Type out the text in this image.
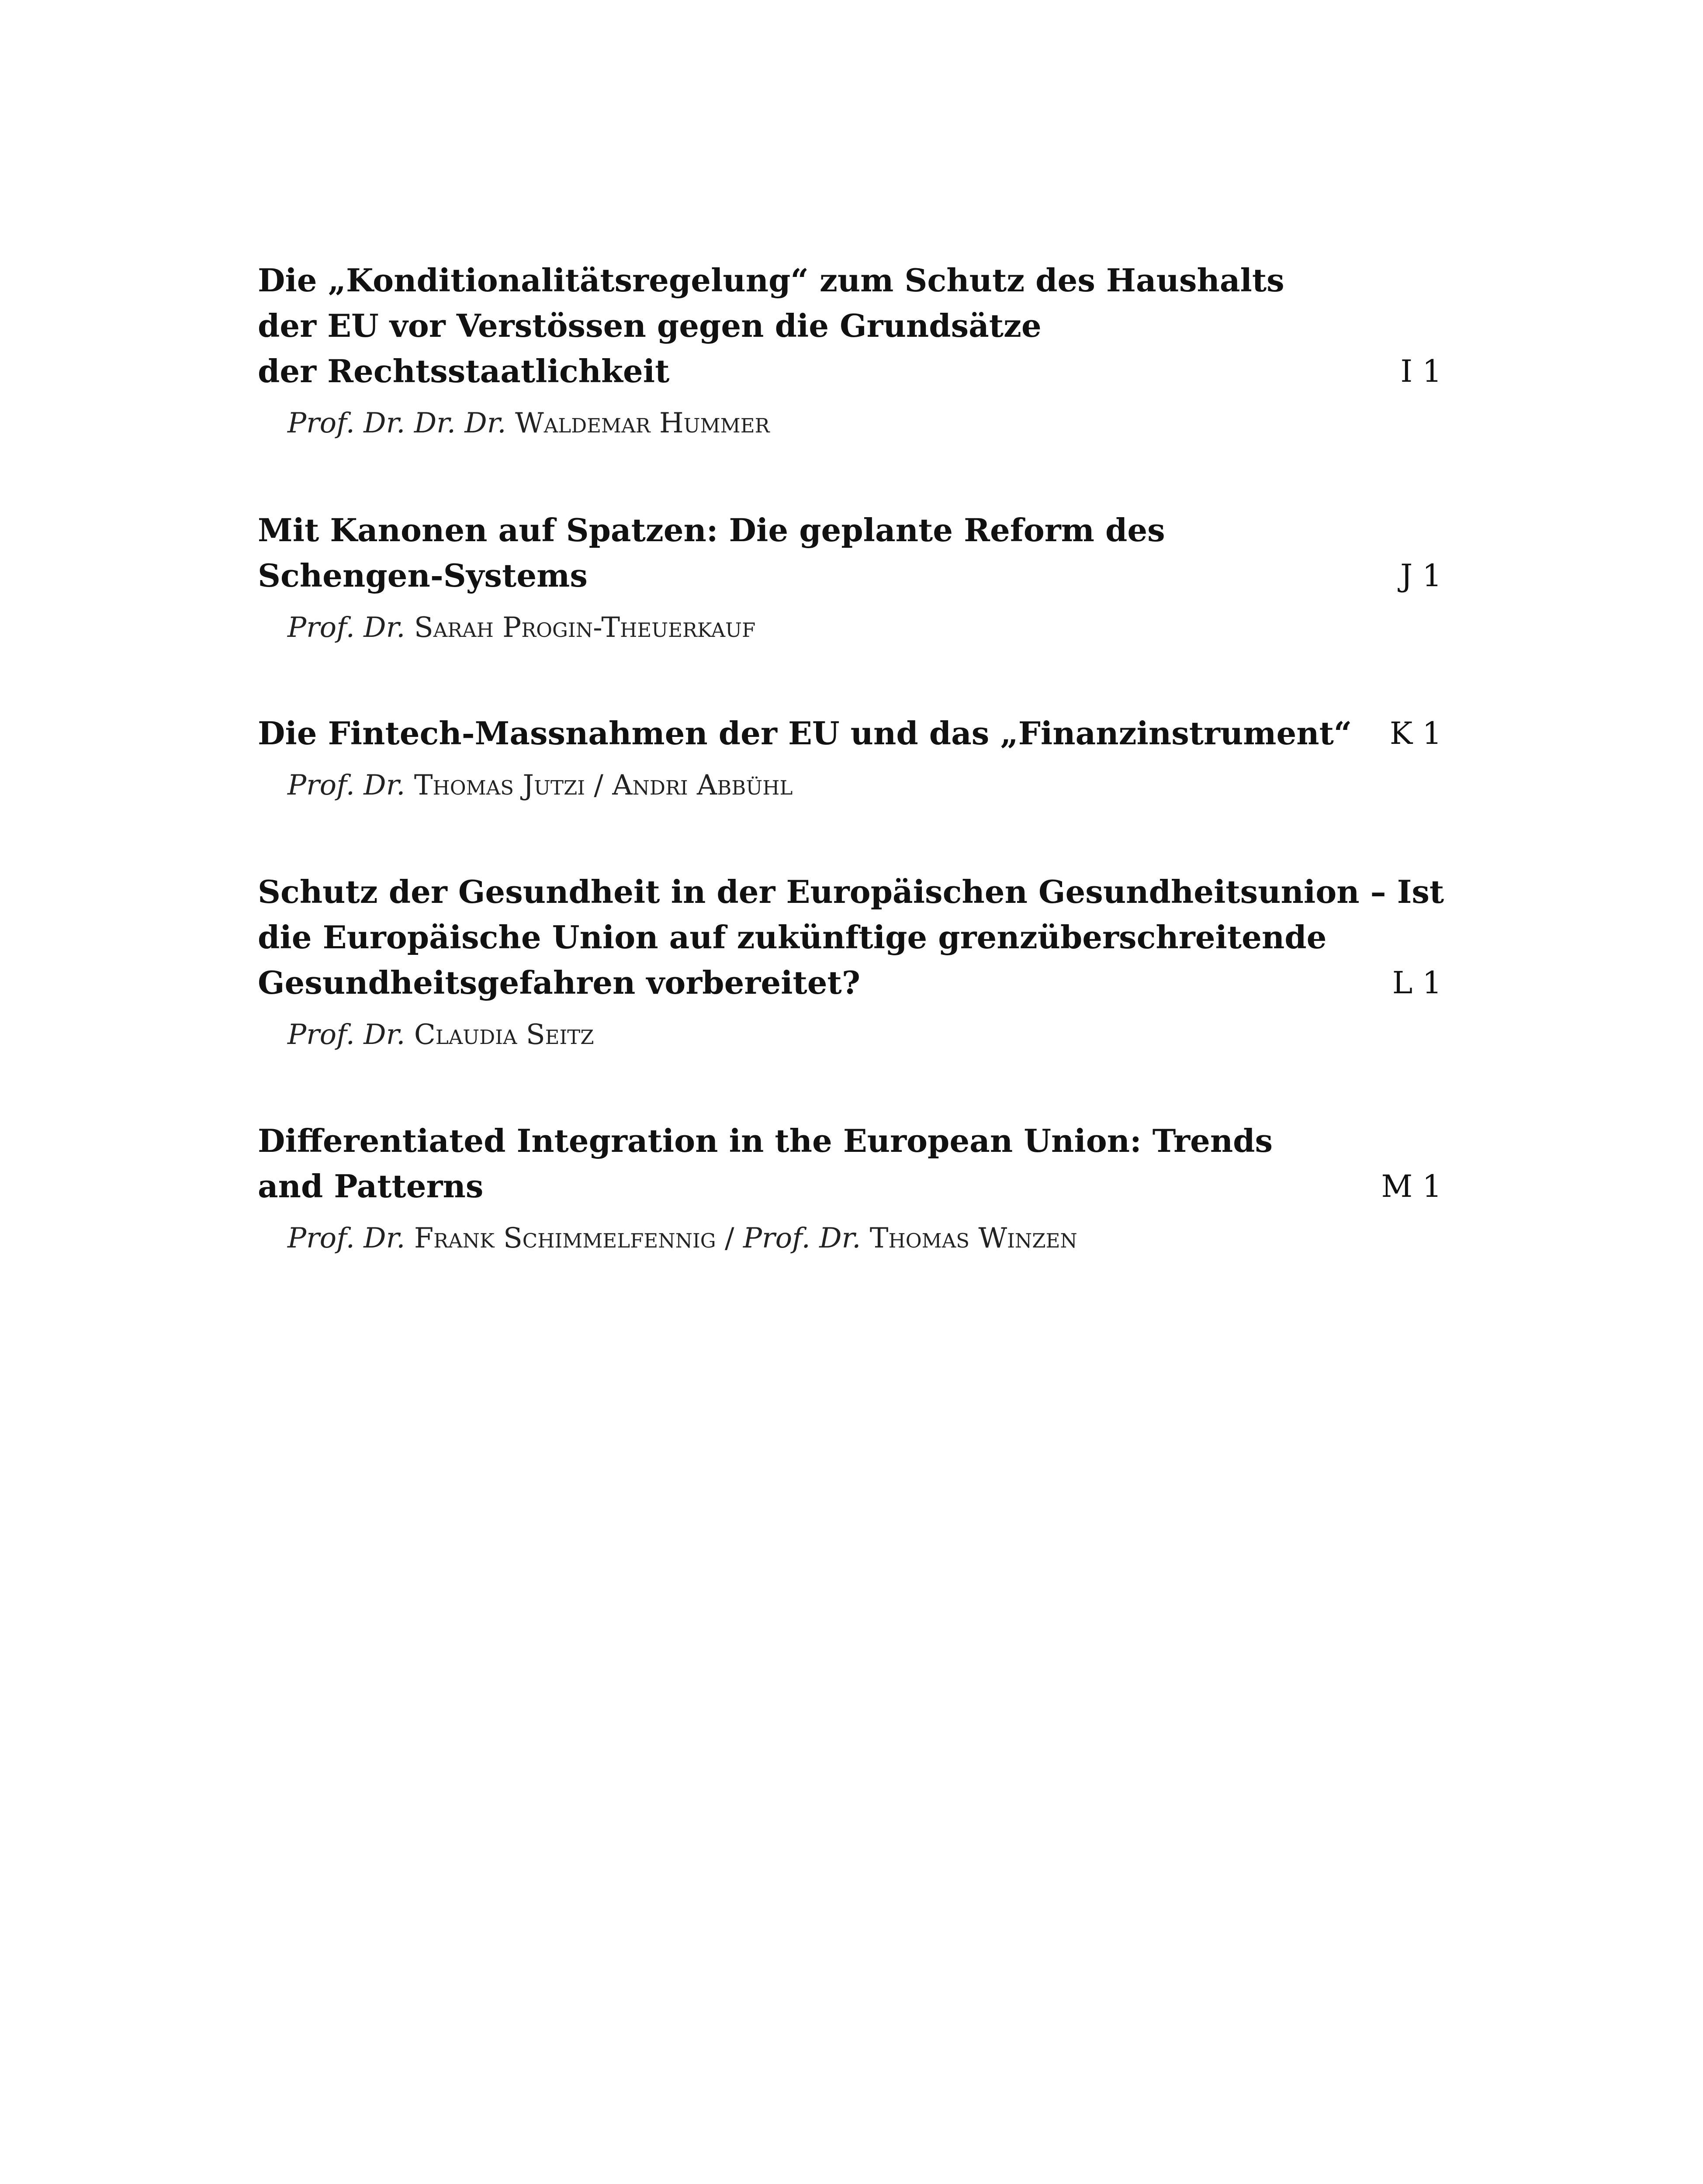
Die „Konditionalitätsregelung“ zum Schutz des Haushalts
der EU vor Verstössen gegen die Grundsätze
der Rechtsstaatlichkeit	I 1
Prof. Dr. Dr. Dr. Waldemar Hummer
Mit Kanonen auf Spatzen: Die geplante Reform des
Schengen-Systems	J 1
Prof. Dr. Sarah Progin-Theuerkauf
Die Fintech-Massnahmen der EU und das „Finanzinstrument“ K 1
Prof. Dr. Thomas Jutzi / Andri Abbühl
Schutz der Gesundheit in der Europäischen Gesundheitsunion – Ist
die Europäische Union auf zukünftige grenzüberschreitende
Gesundheitsgefahren vorbereitet?	L 1
Prof. Dr. Claudia Seitz
Differentiated Integration in the European Union: Trends
and Patterns	M 1
Prof. Dr. Frank Schimmelfennig / Prof. Dr. Thomas Winzen
